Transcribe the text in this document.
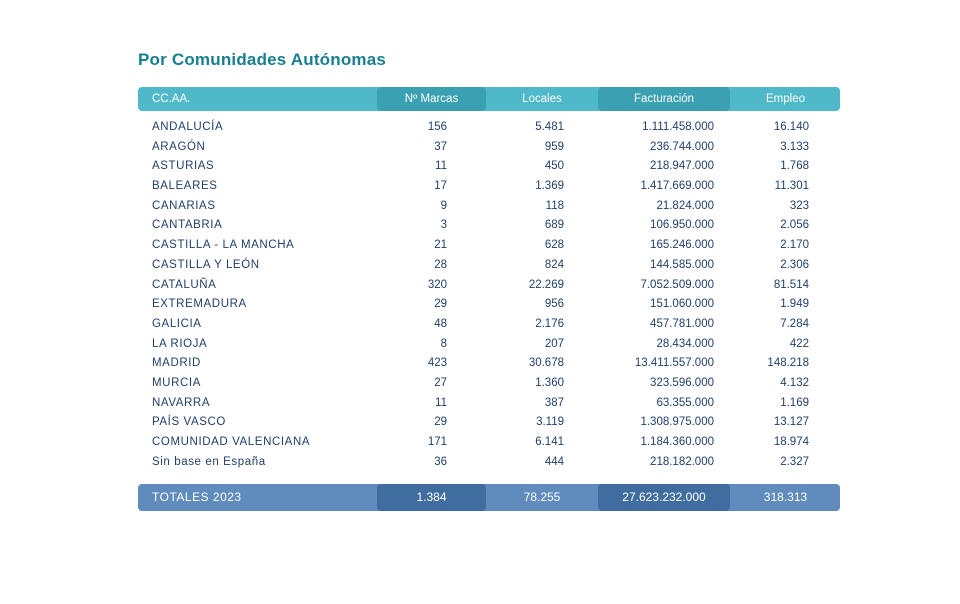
Por Comunidades Autónomas
CC.AA.	Nº Marcas	Locales	Facturación	Empleo
ANDALUCÍA	156	5.481	1.111.458.000	16.140
ARAGÓN	37	959	236.744.000	3.133
ASTURIAS	11	450	218.947.000	1.768
BALEARES	17	1.369	1.417.669.000	11.301
CANARIAS	9	118	21.824.000	323
CANTABRIA	3	689	106.950.000	2.056
CASTILLA - LA MANCHA	21	628	165.246.000	2.170
CASTILLA Y LEÓN	28	824	144.585.000	2.306
CATALUÑA	320	22.269	7.052.509.000	81.514
EXTREMADURA	29	956	151.060.000	1.949
GALICIA	48	2.176	457.781.000	7.284
LA RIOJA	8	207	28.434.000	422
MADRID	423	30.678	13.411.557.000	148.218
MURCIA	27	1.360	323.596.000	4.132
NAVARRA	11	387	63.355.000	1.169
PAÍS VASCO	29	3.119	1.308.975.000	13.127
COMUNIDAD VALENCIANA	171	6.141	1.184.360.000	18.974
Sin base en España	36	444	218.182.000	2.327
TOTALES 2023	1.384	78.255	27.623.232.000	318.313
